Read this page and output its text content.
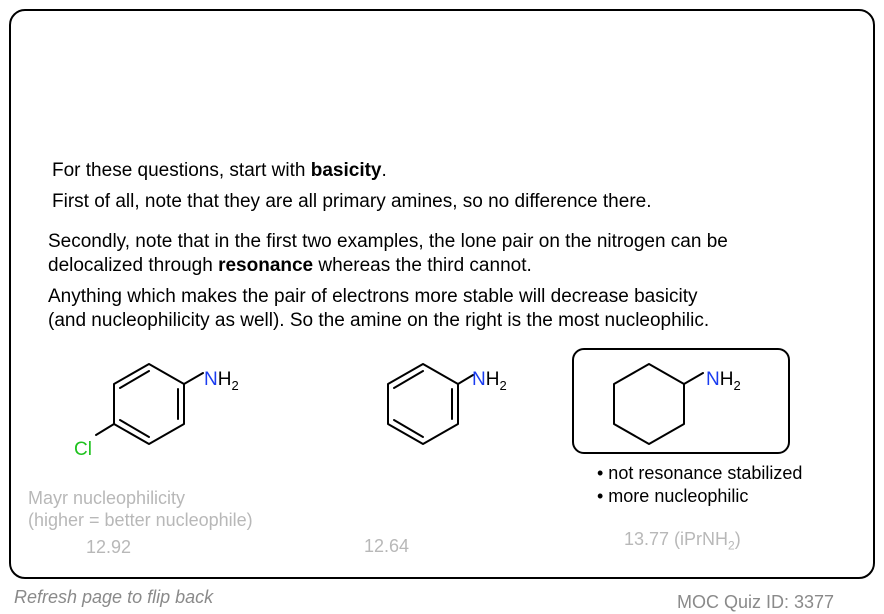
For these questions, start with basicity.

First of all, note that they are all primary amines, so no difference there.

Secondly, note that in the first two examples, the lone pair on the nitrogen can be
delocalized through resonance whereas the third cannot.

Anything which makes the pair of electrons more stable will decrease basicity
(and nucleophilicity as well). So the amine on the right is the most nucleophilic.

$NH_2$
Cl
$NH_2$	$NH_2$
• not resonance stabilized
• more nucleophilic

Mayr nucleophilicity
(higher = better nucleophile)

12.92	12.64	13.77 (iPrNH$_2$)

Refresh page to flip back	MOC Quiz ID: 3377
